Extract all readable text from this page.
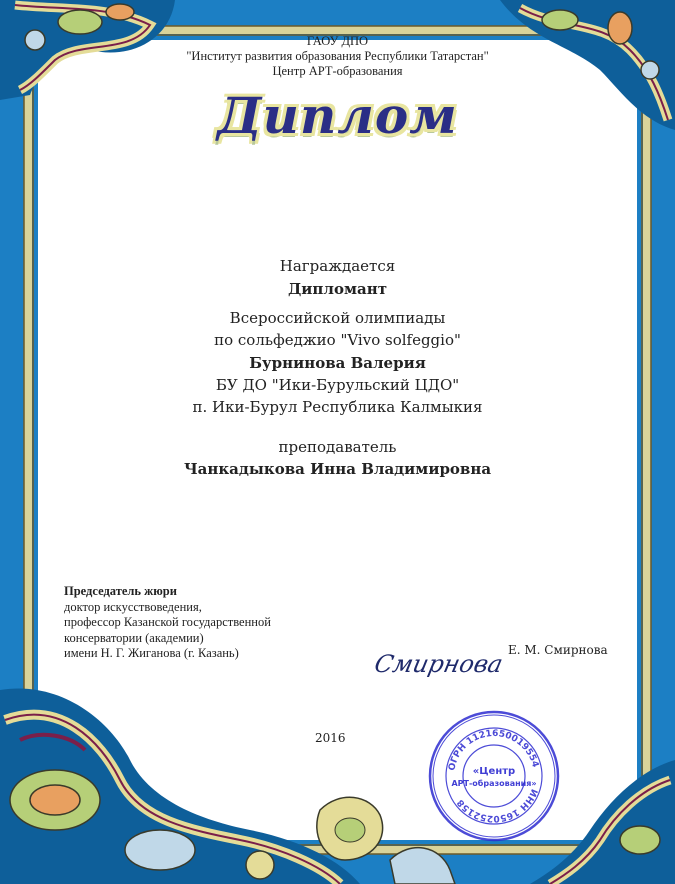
ГАОУ ДПО
"Институт развития образования Республики Татарстан"
Центр АРТ-образования
Диплом
Награждается
Дипломант
Всероссийской олимпиады
по сольфеджио "Vivo solfeggio"
Бурнинова Валерия
БУ ДО "Ики-Бурульский ЦДО"
п. Ики-Бурул Республика Калмыкия
преподаватель
Чанкадыкова Инна Владимировна
Председатель жюри
доктор искусствоведения,
профессор Казанской государственной
консерватории (академии)
имени Н. Г. Жиганова (г. Казань)	Смирнова Е. М. Смирнова
2016
ОГРН 1121650019554
ИНН 1650252158
«Центр
АРТ-образования»
